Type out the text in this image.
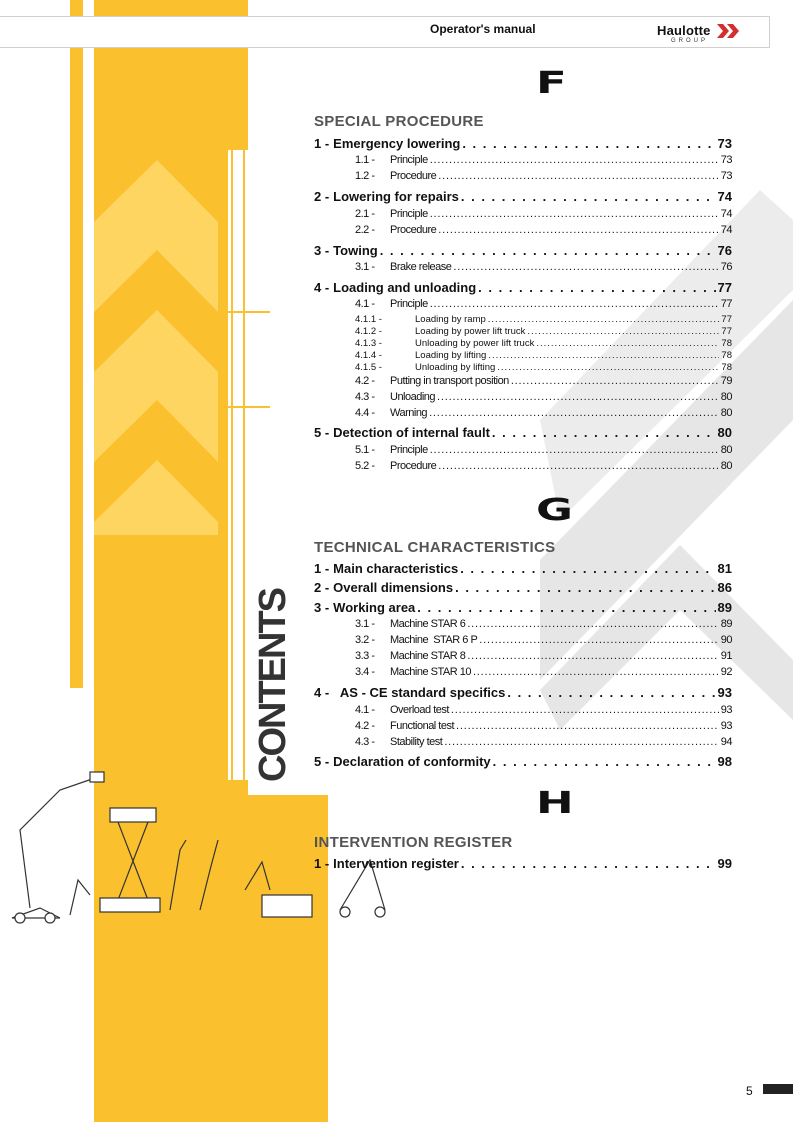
Operator's manual	Haulotte
GROUP
CONTENTS
F
SPECIAL PROCEDURE
1 - Emergency lowering . . .	73
1.1 -	Principle .....	73
1.2 -	Procedure .....	73
2 - Lowering for repairs . . .	74
2.1 -	Principle .....	74
2.2 -	Procedure .....	74
3 - Towing . . .	76
3.1 -	Brake release .....	76
4 - Loading and unloading . . .	77
4.1 -	Principle .....	77
4.1.1 -	Loading by ramp .....	77
4.1.2 -	Loading by power lift truck .....	77
4.1.3 -	Unloading by power lift truck .....	78
4.1.4 -	Loading by lifting .....	78
4.1.5 -	Unloading by lifting .....	78
4.2 -	Putting in transport position .....	79
4.3 -	Unloading .....	80
4.4 -	Warning .....	80
5 - Detection of internal fault . . .	80
5.1 -	Principle .....	80
5.2 -	Procedure .....	80
G
TECHNICAL CHARACTERISTICS
1 - Main characteristics . . .	81
2 - Overall dimensions . . .	86
3 - Working area . . .	89
3.1 -	Machine STAR 6 .....	89
3.2 -	Machine  STAR 6 P .....	90
3.3 -	Machine STAR 8 .....	91
3.4 -	Machine STAR 10 .....	92
4 - AS - CE standard specifics . . .	93
4.1 -	Overload test .....	93
4.2 -	Functional test .....	93
4.3 -	Stability test .....	94
5 - Declaration of conformity . . .	98
H
INTERVENTION REGISTER
1 - Intervention register . . .	99
5
